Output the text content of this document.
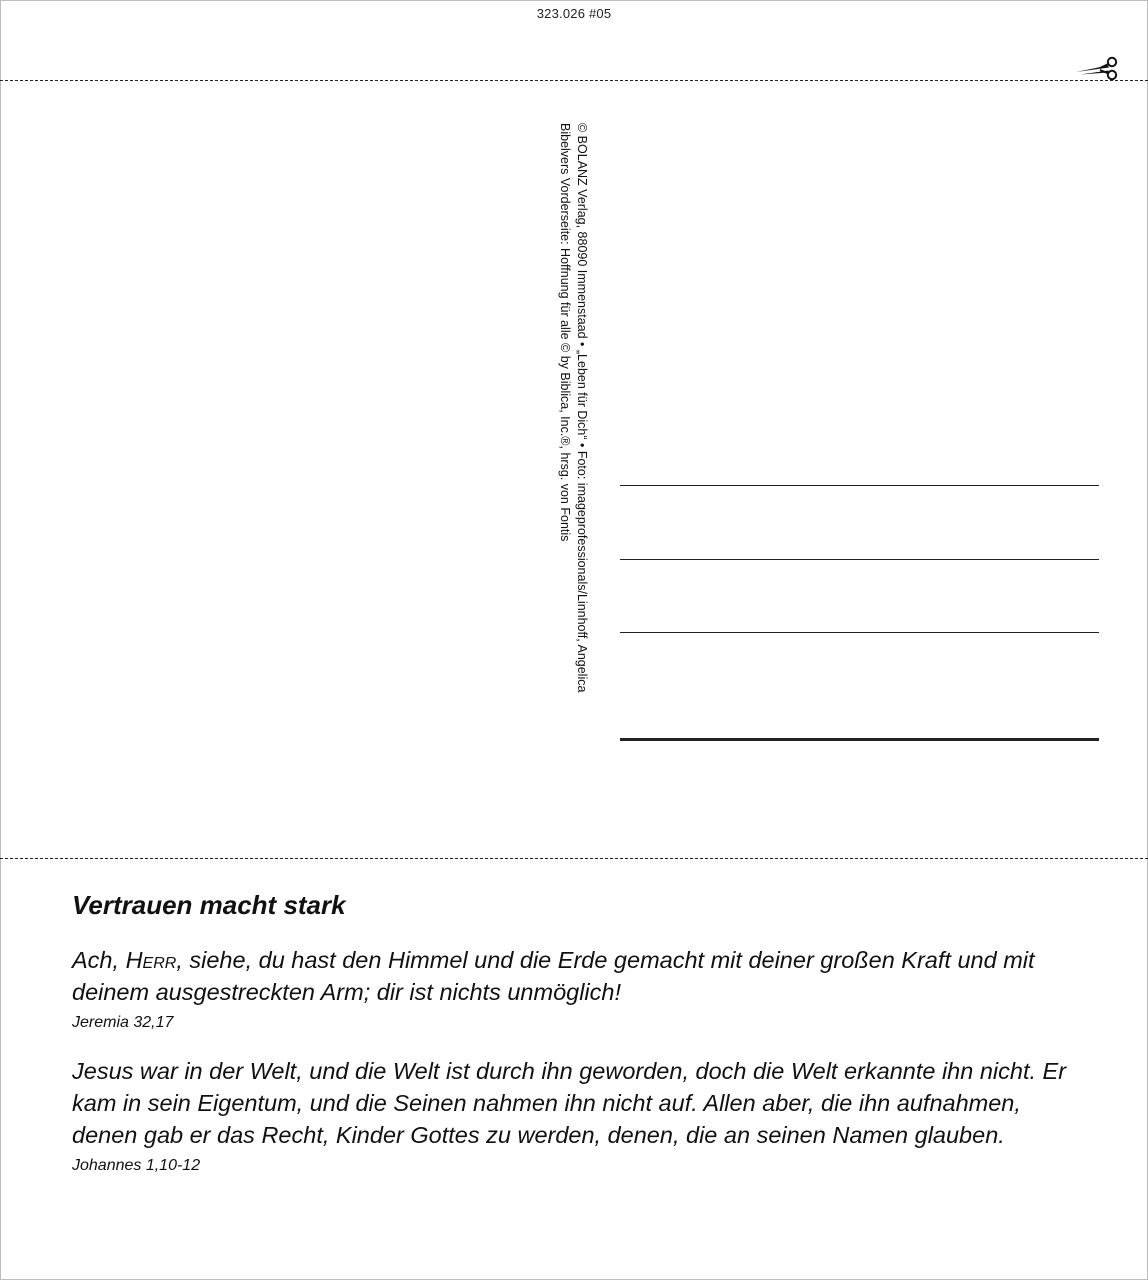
323.026 #05
© BOLANZ Verlag, 88090 Immenstaad • „Leben für Dich“ • Foto: imageprofessionals/Linnhoff, Angelica
Bibelvers Vorderseite: Hoffnung für alle © by Biblica, Inc.®, hrsg. von Fontis
Vertrauen macht stark
Ach, Herr, siehe, du hast den Himmel und die Erde gemacht mit deiner großen Kraft und mit deinem ausgestreckten Arm; dir ist nichts unmöglich!
Jeremia 32,17
Jesus war in der Welt, und die Welt ist durch ihn geworden, doch die Welt erkannte ihn nicht. Er kam in sein Eigentum, und die Seinen nahmen ihn nicht auf. Allen aber, die ihn aufnahmen, denen gab er das Recht, Kinder Gottes zu werden, denen, die an seinen Namen glauben.
Johannes 1,10-12
